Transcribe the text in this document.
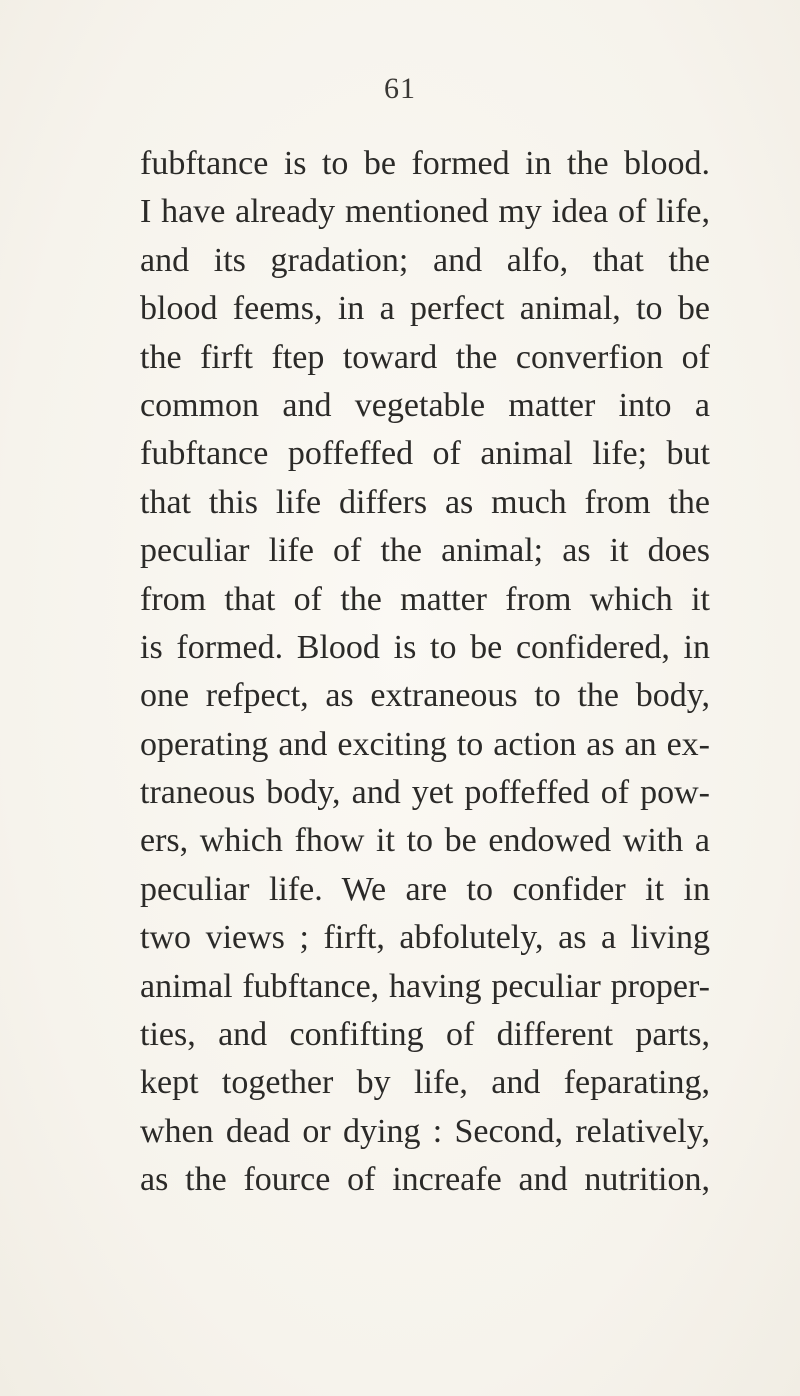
61
fubftance is to be formed in the blood.
I have already mentioned my idea of life,
and its gradation; and alfo, that the
blood feems, in a perfect animal, to be
the firft ftep toward the converfion of
common and vegetable matter into a
fubftance poffeffed of animal life; but
that this life differs as much from the
peculiar life of the animal; as it does
from that of the matter from which it
is formed. Blood is to be confidered, in
one refpect, as extraneous to the body,
operating and exciting to action as an ex-
traneous body, and yet poffeffed of pow-
ers, which fhow it to be endowed with a
peculiar life. We are to confider it in
two views ; firft, abfolutely, as a living
animal fubftance, having peculiar proper-
ties, and confifting of different parts,
kept together by life, and feparating,
when dead or dying : Second, relatively,
as the fource of increafe and nutrition,
